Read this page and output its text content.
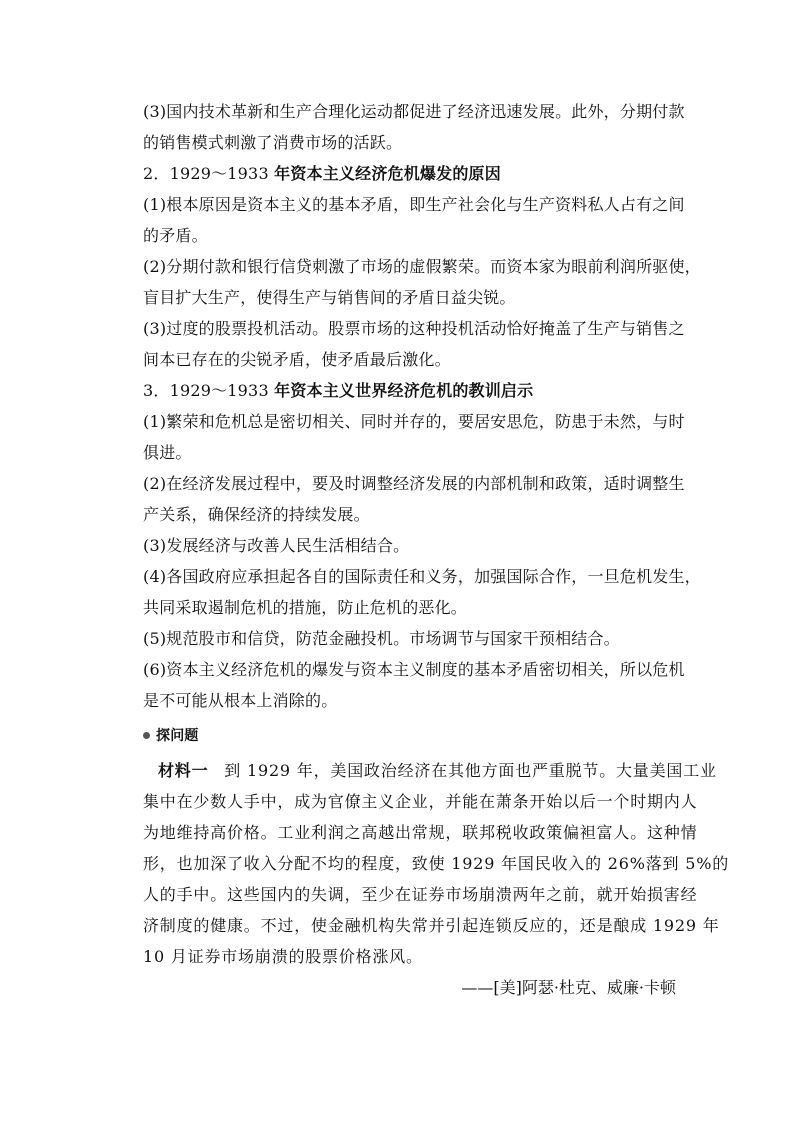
(3)国内技术革新和生产合理化运动都促进了经济迅速发展。此外，分期付款
的销售模式刺激了消费市场的活跃。
2．1929～1933 年资本主义经济危机爆发的原因
(1)根本原因是资本主义的基本矛盾，即生产社会化与生产资料私人占有之间
的矛盾。
(2)分期付款和银行信贷刺激了市场的虚假繁荣。而资本家为眼前利润所驱使，
盲目扩大生产，使得生产与销售间的矛盾日益尖锐。
(3)过度的股票投机活动。股票市场的这种投机活动恰好掩盖了生产与销售之
间本已存在的尖锐矛盾，使矛盾最后激化。
3．1929～1933 年资本主义世界经济危机的教训启示
(1)繁荣和危机总是密切相关、同时并存的，要居安思危，防患于未然，与时
俱进。
(2)在经济发展过程中，要及时调整经济发展的内部机制和政策，适时调整生
产关系，确保经济的持续发展。
(3)发展经济与改善人民生活相结合。
(4)各国政府应承担起各自的国际责任和义务，加强国际合作，一旦危机发生，
共同采取遏制危机的措施，防止危机的恶化。
(5)规范股市和信贷，防范金融投机。市场调节与国家干预相结合。
(6)资本主义经济危机的爆发与资本主义制度的基本矛盾密切相关，所以危机
是不可能从根本上消除的。
探问题
材料一 到 1929 年，美国政治经济在其他方面也严重脱节。大量美国工业
集中在少数人手中，成为官僚主义企业，并能在萧条开始以后一个时期内人
为地维持高价格。工业利润之高越出常规，联邦税收政策偏袒富人。这种情
形，也加深了收入分配不均的程度，致使 1929 年国民收入的 26%落到 5%的
人的手中。这些国内的失调，至少在证券市场崩溃两年之前，就开始损害经
济制度的健康。不过，使金融机构失常并引起连锁反应的，还是酿成 1929 年
10 月证券市场崩溃的股票价格涨风。
——[美]阿瑟·杜克、威廉·卡顿
